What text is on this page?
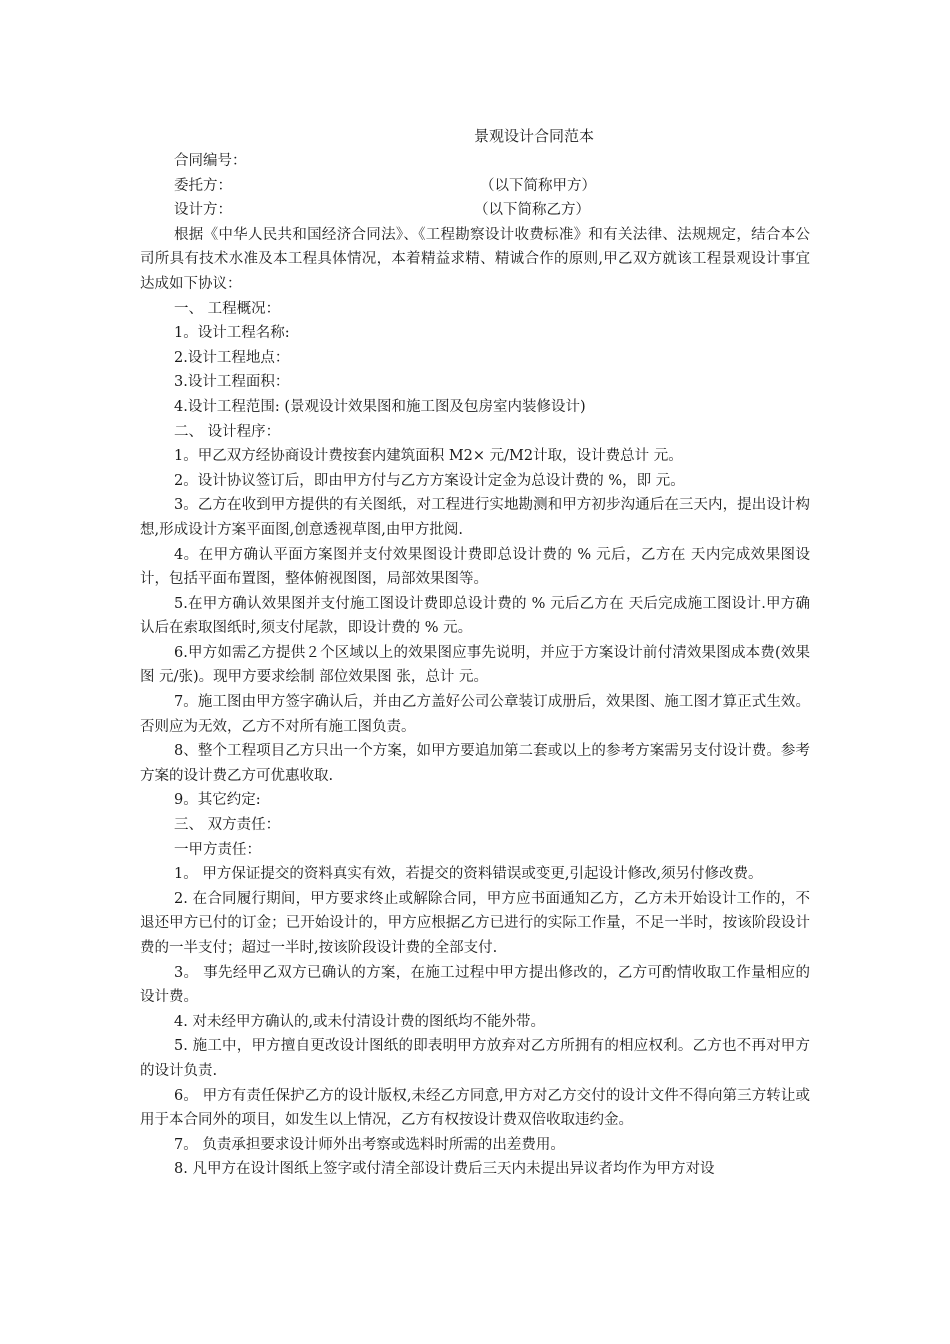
景观设计合同范本
合同编号：
委托方：	（以下简称甲方）
设计方：	（以下简称乙方）

根据《中华人民共和国经济合同法》、《工程勘察设计收费标准》和有关法律、法规规定，结合本公司所具有技术水准及本工程具体情况，本着精益求精、精诚合作的原则,甲乙双方就该工程景观设计事宜达成如下协议：

一、 工程概况：

1。设计工程名称:

2.设计工程地点：

3.设计工程面积：

4.设计工程范围: (景观设计效果图和施工图及包房室内装修设计)

二、 设计程序：

1。甲乙双方经协商设计费按套内建筑面积 M2× 元/M2计取，设计费总计 元。

2。设计协议签订后，即由甲方付与乙方方案设计定金为总设计费的 %，即 元。

3。乙方在收到甲方提供的有关图纸，对工程进行实地勘测和甲方初步沟通后在三天内，提出设计构想,形成设计方案平面图,创意透视草图,由甲方批阅.

4。在甲方确认平面方案图并支付效果图设计费即总设计费的 % 元后，乙方在 天内完成效果图设计，包括平面布置图，整体俯视图图，局部效果图等。

5.在甲方确认效果图并支付施工图设计费即总设计费的 % 元后乙方在 天后完成施工图设计.甲方确认后在索取图纸时,须支付尾款，即设计费的 % 元。

6.甲方如需乙方提供２个区域以上的效果图应事先说明，并应于方案设计前付清效果图成本费(效果图 元/张)。现甲方要求绘制 部位效果图 张，总计 元。

7。施工图由甲方签字确认后，并由乙方盖好公司公章装订成册后，效果图、施工图才算正式生效。否则应为无效，乙方不对所有施工图负责。

8、整个工程项目乙方只出一个方案，如甲方要追加第二套或以上的参考方案需另支付设计费。参考方案的设计费乙方可优惠收取.

9。其它约定:

三、 双方责任：
一甲方责任：

1。 甲方保证提交的资料真实有效，若提交的资料错误或变更,引起设计修改,须另付修改费。

2. 在合同履行期间，甲方要求终止或解除合同，甲方应书面通知乙方，乙方未开始设计工作的，不退还甲方已付的订金；已开始设计的，甲方应根据乙方已进行的实际工作量，不足一半时，按该阶段设计费的一半支付；超过一半时,按该阶段设计费的全部支付.

3。 事先经甲乙双方已确认的方案，在施工过程中甲方提出修改的，乙方可酌情收取工作量相应的设计费。

4. 对未经甲方确认的,或未付清设计费的图纸均不能外带。

5. 施工中，甲方擅自更改设计图纸的即表明甲方放弃对乙方所拥有的相应权利。乙方也不再对甲方的设计负责.

6。 甲方有责任保护乙方的设计版权,未经乙方同意,甲方对乙方交付的设计文件不得向第三方转让或用于本合同外的项目，如发生以上情况，乙方有权按设计费双倍收取违约金。

7。 负责承担要求设计师外出考察或选料时所需的出差费用。

8. 凡甲方在设计图纸上签字或付清全部设计费后三天内未提出异议者均作为甲方对设
